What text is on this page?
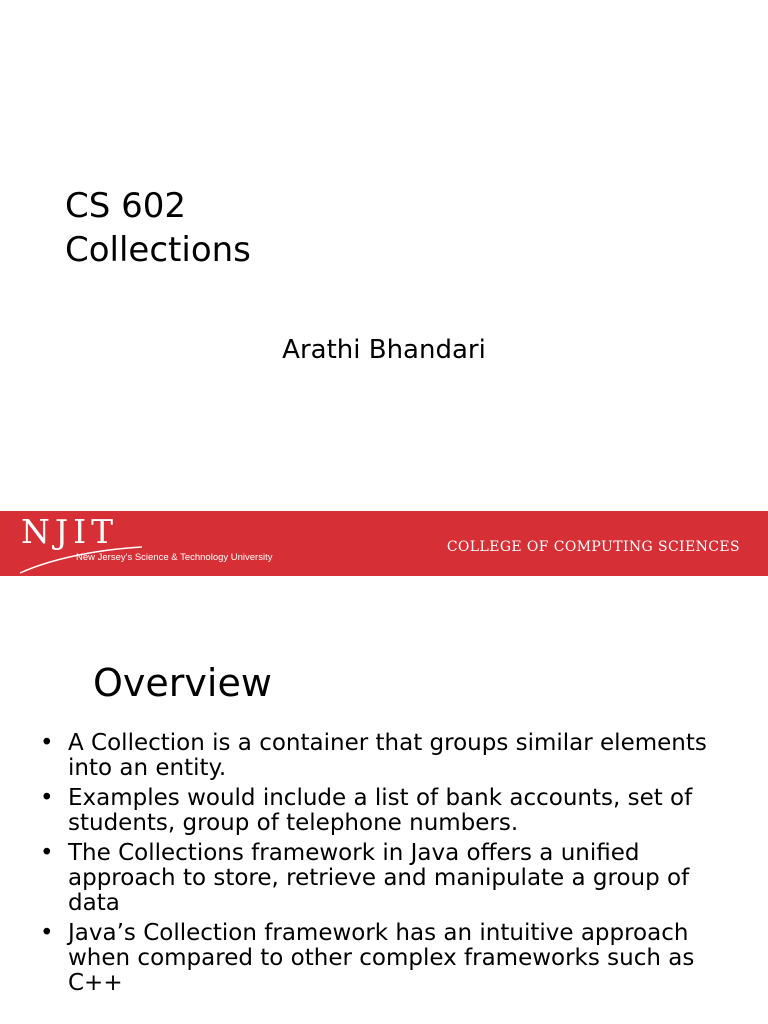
CS 602
Collections
Arathi Bhandari
NJIT
New Jersey's Science & Technology University
COLLEGE OF COMPUTING SCIENCES
Overview
• A Collection is a container that groups similar elements into an entity.
• Examples would include a list of bank accounts, set of students, group of telephone numbers.
• The Collections framework in Java offers a unified approach to store, retrieve and manipulate a group of data
• Java’s Collection framework has an intuitive approach when compared to other complex frameworks such as C++
